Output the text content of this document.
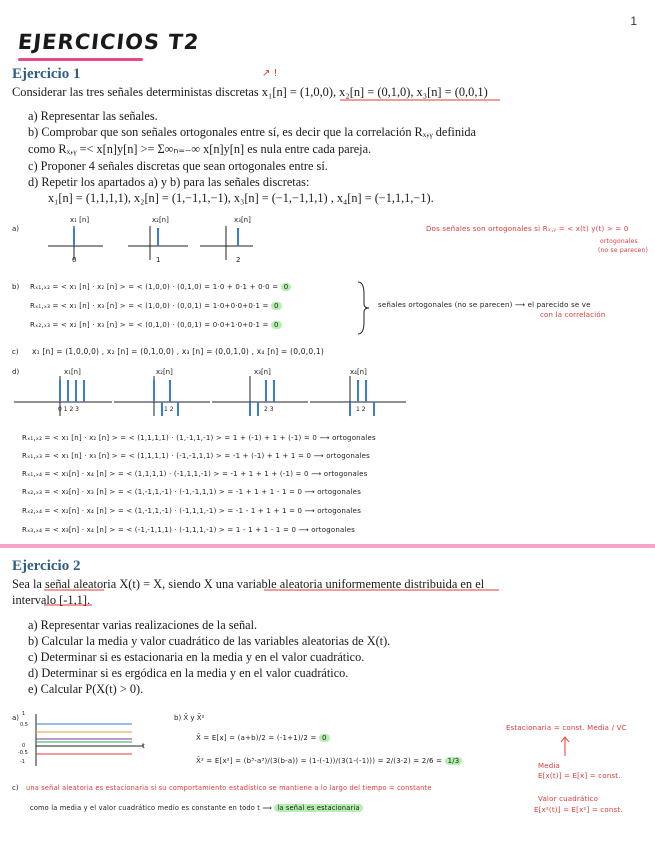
1
EJERCICIOS T2
Ejercicio 1
Considerar las tres señales deterministas discretas x₁[n] = (1,0,0), x₂[n] = (0,1,0), x₃[n] = (0,0,1)
↗ ǃ
a) Representar las señales.
b) Comprobar que son señales ortogonales entre sí, es decir que la correlación Rₓ,ᵧ definida
como Rₓ,ᵧ =< x[n]y[n] >= Σ∞ₙ₌₋∞ x[n]y[n] es nula entre cada pareja.
c) Proponer 4 señales discretas que sean ortogonales entre sí.
d) Repetir los apartados a) y b) para las señales discretas:
x₁[n] = (1,1,1,1), x₂[n] = (1,−1,1,−1), x₃[n] = (−1,−1,1,1) , x₄[n] = (−1,1,1,−1).
a)
x₁ [n]	x₂[n]	x₃[n]
0	1	2
Dos señales son ortogonales si Rₓ,ᵧ = < x(t) y(t) > = 0
ortogonales
(no se parecen)
b) Rₓ₁,ₓ₂ = < x₁ [n] · x₂ [n] > = < (1,0,0) · (0,1,0) = 1·0 + 0·1 + 0·0 = 0
Rₓ₁,ₓ₃ = < x₁ [n] · x₃ [n] > = < (1,0,0) · (0,0,1) = 1·0+0·0+0·1 = 0
Rₓ₂,ₓ₃ = < x₂ [n] · x₃ [n] > = < (0,1,0) · (0,0,1) = 0·0+1·0+0·1 = 0
señales ortogonales (no se parecen) ⟶ el parecido se ve
con la correlación
c) x₁ [n] = (1,0,0,0) , x₂ [n] = (0,1,0,0) , x₃ [n] = (0,0,1,0) , x₄ [n] = (0,0,0,1)
d)	x₁[n]	x₂[n]	x₃[n]	x₄[n]
0 1 2 3	1 2	2 3	1 2
Rₓ₁,ₓ₂ = < x₁ [n] · x₂ [n] > = < (1,1,1,1) · (1,-1,1,-1) > = 1 + (-1) + 1 + (-1) = 0 ⟶ ortogonales
Rₓ₁,ₓ₃ = < x₁ [n] · x₃ [n] > = < (1,1,1,1) · (-1,-1,1,1) > = -1 + (-1) + 1 + 1 = 0 ⟶ ortogonales
Rₓ₁,ₓ₄ = < x₁[n] · x₄ [n] > = < (1,1,1,1) · (-1,1,1,-1) > = -1 + 1 + 1 + (-1) = 0 ⟶ ortogonales
Rₓ₂,ₓ₃ = < x₂[n] · x₃ [n] > = < (1,-1,1,-1) · (-1,-1,1,1) > = -1 + 1 + 1 - 1 = 0 ⟶ ortogonales
Rₓ₂,ₓ₄ = < x₂[n] · x₄ [n] > = < (1,-1,1,-1) · (-1,1,1,-1) > = -1 - 1 + 1 + 1 = 0 ⟶ ortogonales
Rₓ₃,ₓ₄ = < x₃[n] · x₄ [n] > = < (-1,-1,1,1) · (-1,1,1,-1) > = 1 - 1 + 1 - 1 = 0 ⟶ ortogonales
Ejercicio 2
Sea la señal aleatoria X(t) = X, siendo X una variable aleatoria uniformemente distribuida en el
intervalo [-1,1].
a) Representar varias realizaciones de la señal.
b) Calcular la media y valor cuadrático de las variables aleatorias de X(t).
c) Determinar si es estacionaria en la media y en el valor cuadrático.
d) Determinar si es ergódica en la media y en el valor cuadrático.
e) Calcular P(X(t) > 0).
a) 1
0.5
0
-0.5
-1
t
b) X̄ y X̄²
X̄ = E[x] = (a+b)/2 = (-1+1)/2 = 0
X̄² = E[x²] = (b³-a³)/(3(b-a)) = (1-(-1))/(3(1-(-1))) = 2/(3·2) = 2/6 = 1/3
Estacionaria = const. Media / VC
Media
E[x(t)] = E[x] = const.
Valor cuadrático
E[x²(t)] = E[x²] = const.
c) una señal aleatoria es estacionaria si su comportamiento estadístico se mantiene a lo largo del tiempo = constante
como la media y el valor cuadrático medio es constante en todo t ⟹ la señal es estacionaria
